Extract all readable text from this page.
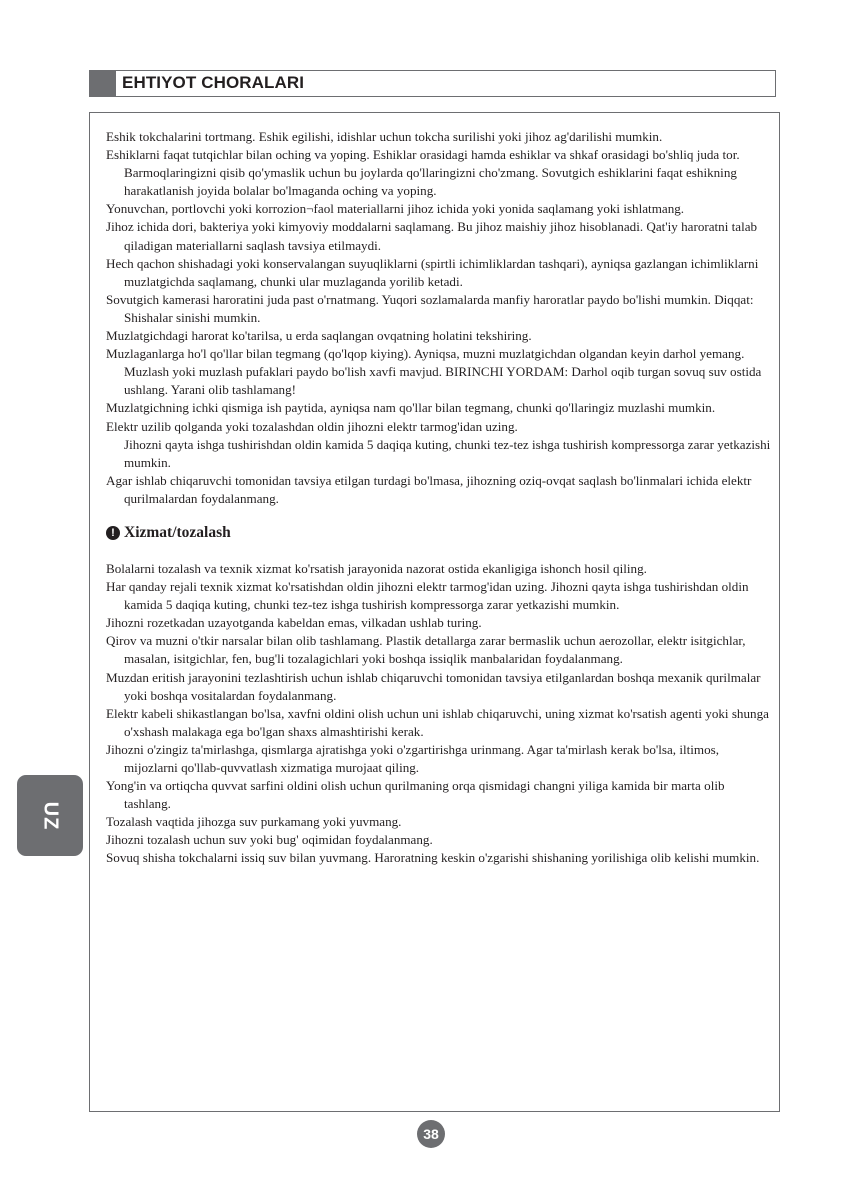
EHTIYOT CHORALARI

Eshik tokchalarini tortmang. Eshik egilishi, idishlar uchun tokcha surilishi yoki jihoz ag'darilishi mumkin.

Eshiklarni faqat tutqichlar bilan oching va yoping. Eshiklar orasidagi hamda eshiklar va shkaf orasidagi bo'shliq juda tor. Barmoqlaringizni qisib qo'ymaslik uchun bu joylarda qo'llaringizni cho'zmang. Sovutgich eshiklarini faqat eshikning harakatlanish joyida bolalar bo'lmaganda oching va yoping.

Yonuvchan, portlovchi yoki korrozion¬faol materiallarni jihoz ichida yoki yonida saqlamang yoki ishlatmang.

Jihoz ichida dori, bakteriya yoki kimyoviy moddalarni saqlamang. Bu jihoz maishiy jihoz hisoblanadi. Qat'iy haroratni talab qiladigan materiallarni saqlash tavsiya etilmaydi.

Hech qachon shishadagi yoki konservalangan suyuqliklarni (spirtli ichimliklardan tashqari), ayniqsa gazlangan ichimliklarni muzlatgichda saqlamang, chunki ular muzlaganda yorilib ketadi.

Sovutgich kamerasi haroratini juda past o'rnatmang. Yuqori sozlamalarda manfiy haroratlar paydo bo'lishi mumkin. Diqqat: Shishalar sinishi mumkin.

Muzlatgichdagi harorat ko'tarilsa, u erda saqlangan ovqatning holatini tekshiring.

Muzlaganlarga ho'l qo'llar bilan tegmang (qo'lqop kiying). Ayniqsa, muzni muzlatgichdan olgandan keyin darhol yemang. Muzlash yoki muzlash pufaklari paydo bo'lish xavfi mavjud. BIRINCHI YORDAM: Darhol oqib turgan sovuq suv ostida ushlang. Yarani olib tashlamang!

Muzlatgichning ichki qismiga ish paytida, ayniqsa nam qo'llar bilan tegmang, chunki qo'llaringiz muzlashi mumkin.

Elektr uzilib qolganda yoki tozalashdan oldin jihozni elektr tarmog'idan uzing.

Jihozni qayta ishga tushirishdan oldin kamida 5 daqiqa kuting, chunki tez-tez ishga tushirish kompressorga zarar yetkazishi mumkin.

Agar ishlab chiqaruvchi tomonidan tavsiya etilgan turdagi bo'lmasa, jihozning oziq-ovqat saqlash bo'linmalari ichida elektr qurilmalardan foydalanmang.

! Xizmat/tozalash

Bolalarni tozalash va texnik xizmat ko'rsatish jarayonida nazorat ostida ekanligiga ishonch hosil qiling.

Har qanday rejali texnik xizmat ko'rsatishdan oldin jihozni elektr tarmog'idan uzing. Jihozni qayta ishga tushirishdan oldin kamida 5 daqiqa kuting, chunki tez-tez ishga tushirish kompressorga zarar yetkazishi mumkin.

Jihozni rozetkadan uzayotganda kabeldan emas, vilkadan ushlab turing.

Qirov va muzni o'tkir narsalar bilan olib tashlamang. Plastik detallarga zarar bermaslik uchun aerozollar, elektr isitgichlar, masalan, isitgichlar, fen, bug'li tozalagichlari yoki boshqa issiqlik manbalaridan foydalanmang.

Muzdan eritish jarayonini tezlashtirish uchun ishlab chiqaruvchi tomonidan tavsiya etilganlardan boshqa mexanik qurilmalar yoki boshqa vositalardan foydalanmang.

Elektr kabeli shikastlangan bo'lsa, xavfni oldini olish uchun uni ishlab chiqaruvchi, uning xizmat ko'rsatish agenti yoki shunga o'xshash malakaga ega bo'lgan shaxs almashtirishi kerak.

Jihozni o'zingiz ta'mirlashga, qismlarga ajratishga yoki o'zgartirishga urinmang. Agar ta'mirlash kerak bo'lsa, iltimos, mijozlarni qo'llab-quvvatlash xizmatiga murojaat qiling.

Yong'in va ortiqcha quvvat sarfini oldini olish uchun qurilmaning orqa qismidagi changni yiliga kamida bir marta olib tashlang.

Tozalash vaqtida jihozga suv purkamang yoki yuvmang.

Jihozni tozalash uchun suv yoki bug' oqimidan foydalanmang.

Sovuq shisha tokchalarni issiq suv bilan yuvmang. Haroratning keskin o'zgarishi shishaning yorilishiga olib kelishi mumkin.

UZ
38
